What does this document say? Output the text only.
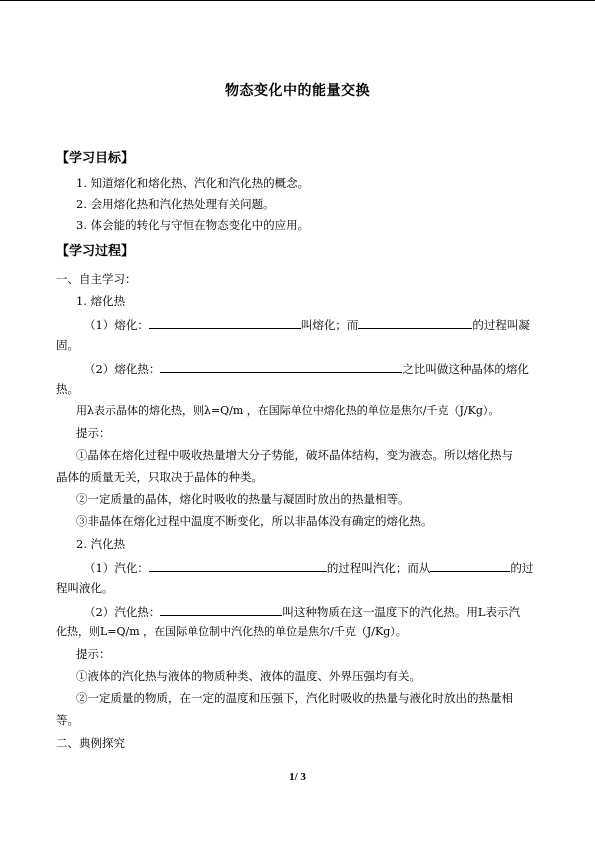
物态变化中的能量交换
【学习目标】
1. 知道熔化和熔化热、汽化和汽化热的概念。
2. 会用熔化热和汽化热处理有关问题。
3. 体会能的转化与守恒在物态变化中的应用。
【学习过程】
一、自主学习：
1. 熔化热
（1）熔化：	叫熔化；而	的过程叫凝
固。
（2）熔化热：	之比叫做这种晶体的熔化
热。
用λ表示晶体的熔化热，则λ=Q/m ，在国际单位中熔化热的单位是焦尔/千克（J/Kg）。
提示：
①晶体在熔化过程中吸收热量增大分子势能，破坏晶体结构，变为液态。所以熔化热与
晶体的质量无关，只取决于晶体的种类。
②一定质量的晶体，熔化时吸收的热量与凝固时放出的热量相等。
③非晶体在熔化过程中温度不断变化，所以非晶体没有确定的熔化热。
2. 汽化热
（1）汽化：	的过程叫汽化；而从	的过
程叫液化。
（2）汽化热：	叫这种物质在这一温度下的汽化热。用L表示汽
化热，则L=Q/m ，在国际单位制中汽化热的单位是焦尔/千克（J/Kg）。
提示：
①液体的汽化热与液体的物质种类、液体的温度、外界压强均有关。
②一定质量的物质，在一定的温度和压强下，汽化时吸收的热量与液化时放出的热量相
等。
二、典例探究
1/ 3
